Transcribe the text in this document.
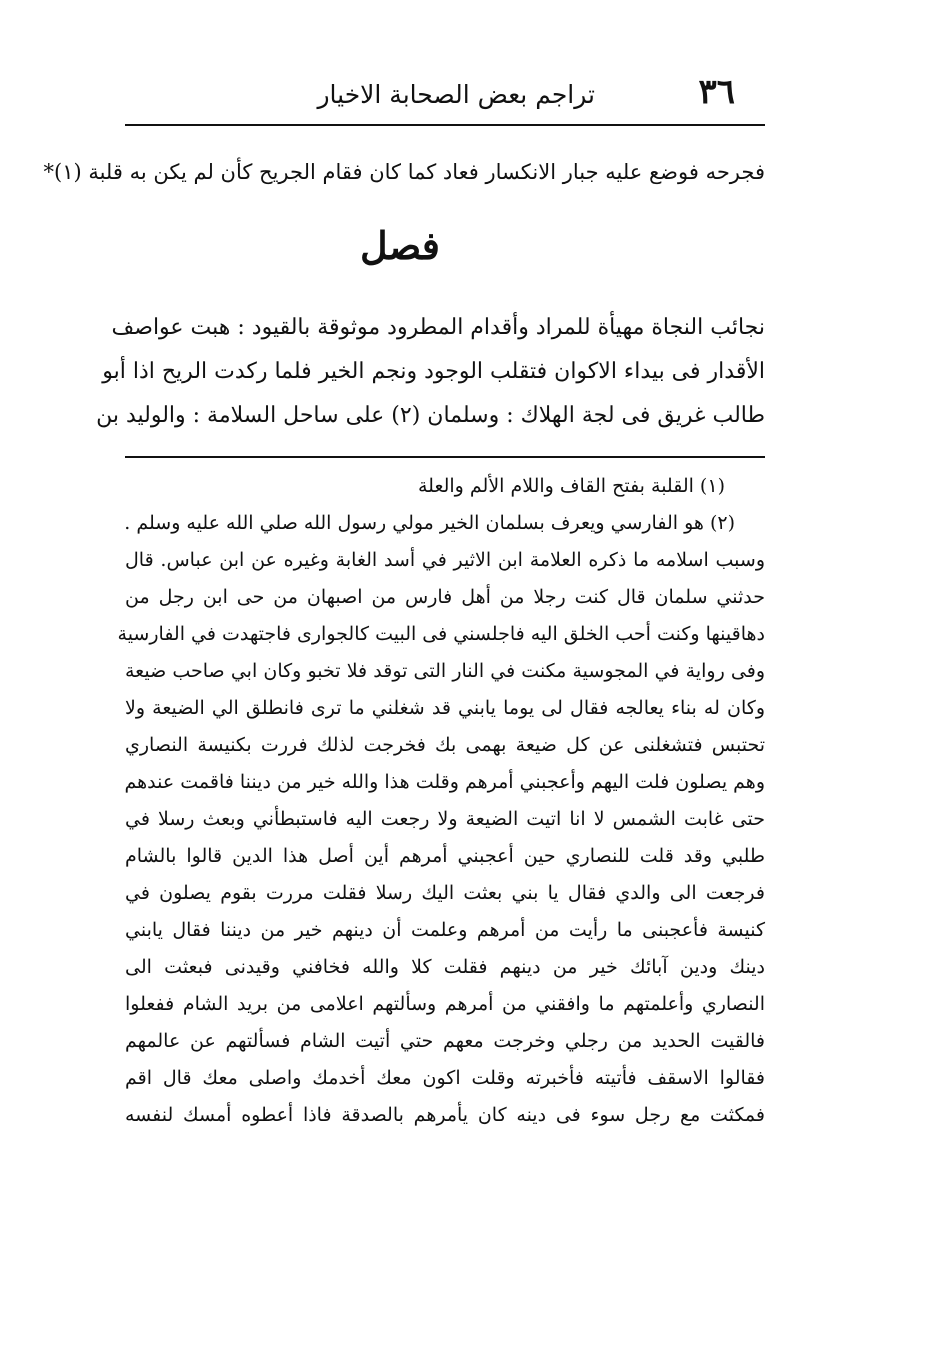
٣٦
تراجم بعض الصحابة الاخيار
فجرحه فوضع عليه جبار الانكسار فعاد كما كان فقام الجريح كأن لم يكن به قلبة (١)*
فصل
نجائب النجاة مهيأة للمراد وأقدام المطرود موثوقة بالقيود : هبت عواصف
الأقدار فى بيداء الاكوان فتقلب الوجود ونجم الخير فلما ركدت الريح اذا أبو
طالب غريق فى لجة الهلاك : وسلمان (٢) على ساحل السلامة : والوليد بن
(١) القلبة بفتح القاف واللام الألم والعلة
(٢) هو الفارسي ويعرف بسلمان الخير مولي رسول الله صلي الله عليه وسلم .
وسبب اسلامه ما ذكره العلامة ابن الاثير في أسد الغابة وغيره عن ابن عباس. قال
حدثني سلمان قال كنت رجلا من أهل فارس من اصبهان من حى ابن رجل من
دهاقينها وكنت أحب الخلق اليه فاجلسني فى البيت كالجوارى فاجتهدت في الفارسية
وفى رواية في المجوسية مكنت في النار التى توقد فلا تخبو وكان ابي صاحب ضيعة
وكان له بناء يعالجه فقال لى يوما يابني قد شغلني ما ترى فانطلق الي الضيعة ولا
تحتبس فتشغلنى عن كل ضيعة بهمى بك فخرجت لذلك فررت بكنيسة النصاري
وهم يصلون فلت اليهم وأعجبني أمرهم وقلت هذا والله خير من ديننا فاقمت عندهم
حتى غابت الشمس لا انا اتيت الضيعة ولا رجعت اليه فاستبطأني وبعث رسلا في
طلبي وقد قلت للنصاري حين أعجبني أمرهم أين أصل هذا الدين قالوا بالشام
فرجعت الى والدي فقال يا بني بعثت اليك رسلا فقلت مررت بقوم يصلون في
كنيسة فأعجبنى ما رأيت من أمرهم وعلمت أن دينهم خير من ديننا فقال يابني
دينك ودين آبائك خير من دينهم فقلت كلا والله فخافني وقيدنى فبعثت الى
النصاري وأعلمتهم ما وافقني من أمرهم وسألتهم اعلامى من بريد الشام ففعلوا
فالقيت الحديد من رجلي وخرجت معهم حتي أتيت الشام فسألتهم عن عالمهم
فقالوا الاسقف فأتيته فأخبرته وقلت اكون معك أخدمك واصلى معك قال اقم
فمكثت مع رجل سوء فى دينه كان يأمرهم بالصدقة فاذا أعطوه أمسك لنفسه
